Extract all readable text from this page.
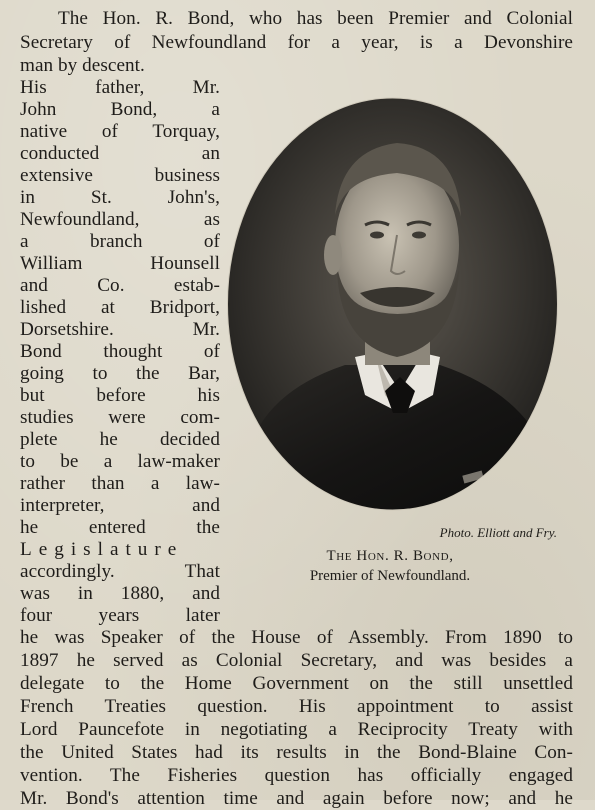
The Hon. R. Bond, who has been Premier and Colonial
Secretary of Newfoundland for a year, is a Devonshire
man by descent.
His father, Mr.
John Bond, a
native of Torquay,
conducted an
extensive business
in St. John's,
Newfoundland, as
a branch of
William Hounsell
and Co. estab-
lished at Bridport,
Dorsetshire. Mr.
Bond thought of
going to the Bar,
but before his
studies were com-
plete he decided
to be a law-maker
rather than a law-
interpreter, and
he entered the
Legislature
accordingly. That
was in 1880, and
four years later
he was Speaker of the House of Assembly. From 1890 to
1897 he served as Colonial Secretary, and was besides a
delegate to the Home Government on the still unsettled
French Treaties question. His appointment to assist
Lord Pauncefote in negotiating a Reciprocity Treaty with
the United States had its results in the Bond-Blaine Con-
vention. The Fisheries question has officially engaged
Mr. Bond's attention time and again before now; and he
Photo. Elliott and Fry.
The Hon. R. Bond,
Premier of Newfoundland.
